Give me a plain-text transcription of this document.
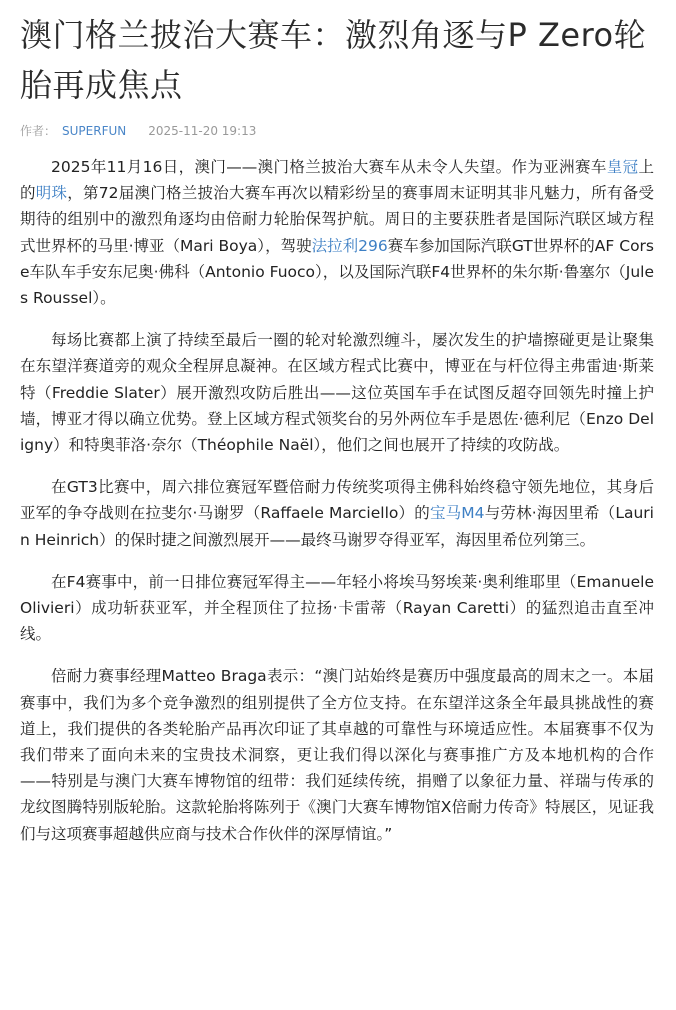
澳门格兰披治大赛车：激烈角逐与P Zero轮胎再成焦点
作者： SUPERFUN 2025-11-20 19:13

2025年11月16日，澳门——澳门格兰披治大赛车从未令人失望。作为亚洲赛车皇冠上的明珠，第72届澳门格兰披治大赛车再次以精彩纷呈的赛事周末证明其非凡魅力，所有备受期待的组别中的激烈角逐均由倍耐力轮胎保驾护航。周日的主要获胜者是国际汽联区域方程式世界杯的马里·博亚（Mari Boya），驾驶法拉利296赛车参加国际汽联GT世界杯的AF Corse车队车手安东尼奥·佛科（Antonio Fuoco），以及国际汽联F4世界杯的朱尔斯·鲁塞尔（Jules Roussel）。

每场比赛都上演了持续至最后一圈的轮对轮激烈缠斗，屡次发生的护墙擦碰更是让聚集在东望洋赛道旁的观众全程屏息凝神。在区域方程式比赛中，博亚在与杆位得主弗雷迪·斯莱特（Freddie Slater）展开激烈攻防后胜出——这位英国车手在试图反超夺回领先时撞上护墙，博亚才得以确立优势。登上区域方程式领奖台的另外两位车手是恩佐·德利尼（Enzo Deligny）和特奥菲洛·奈尔（Théophile Naël），他们之间也展开了持续的攻防战。

在GT3比赛中，周六排位赛冠军暨倍耐力传统奖项得主佛科始终稳守领先地位，其身后亚军的争夺战则在拉斐尔·马谢罗（Raffaele Marciello）的宝马M4与劳林·海因里希（Laurin Heinrich）的保时捷之间激烈展开——最终马谢罗夺得亚军，海因里希位列第三。

在F4赛事中，前一日排位赛冠军得主——年轻小将埃马努埃莱·奥利维耶里（Emanuele Olivieri）成功斩获亚军，并全程顶住了拉扬·卡雷蒂（Rayan Caretti）的猛烈追击直至冲线。

倍耐力赛事经理Matteo Braga表示：“澳门站始终是赛历中强度最高的周末之一。本届赛事中，我们为多个竞争激烈的组别提供了全方位支持。在东望洋这条全年最具挑战性的赛道上，我们提供的各类轮胎产品再次印证了其卓越的可靠性与环境适应性。本届赛事不仅为我们带来了面向未来的宝贵技术洞察，更让我们得以深化与赛事推广方及本地机构的合作——特别是与澳门大赛车博物馆的纽带：我们延续传统，捐赠了以象征力量、祥瑞与传承的龙纹图腾特别版轮胎。这款轮胎将陈列于《澳门大赛车博物馆X倍耐力传奇》特展区，见证我们与这项赛事超越供应商与技术合作伙伴的深厚情谊。”
